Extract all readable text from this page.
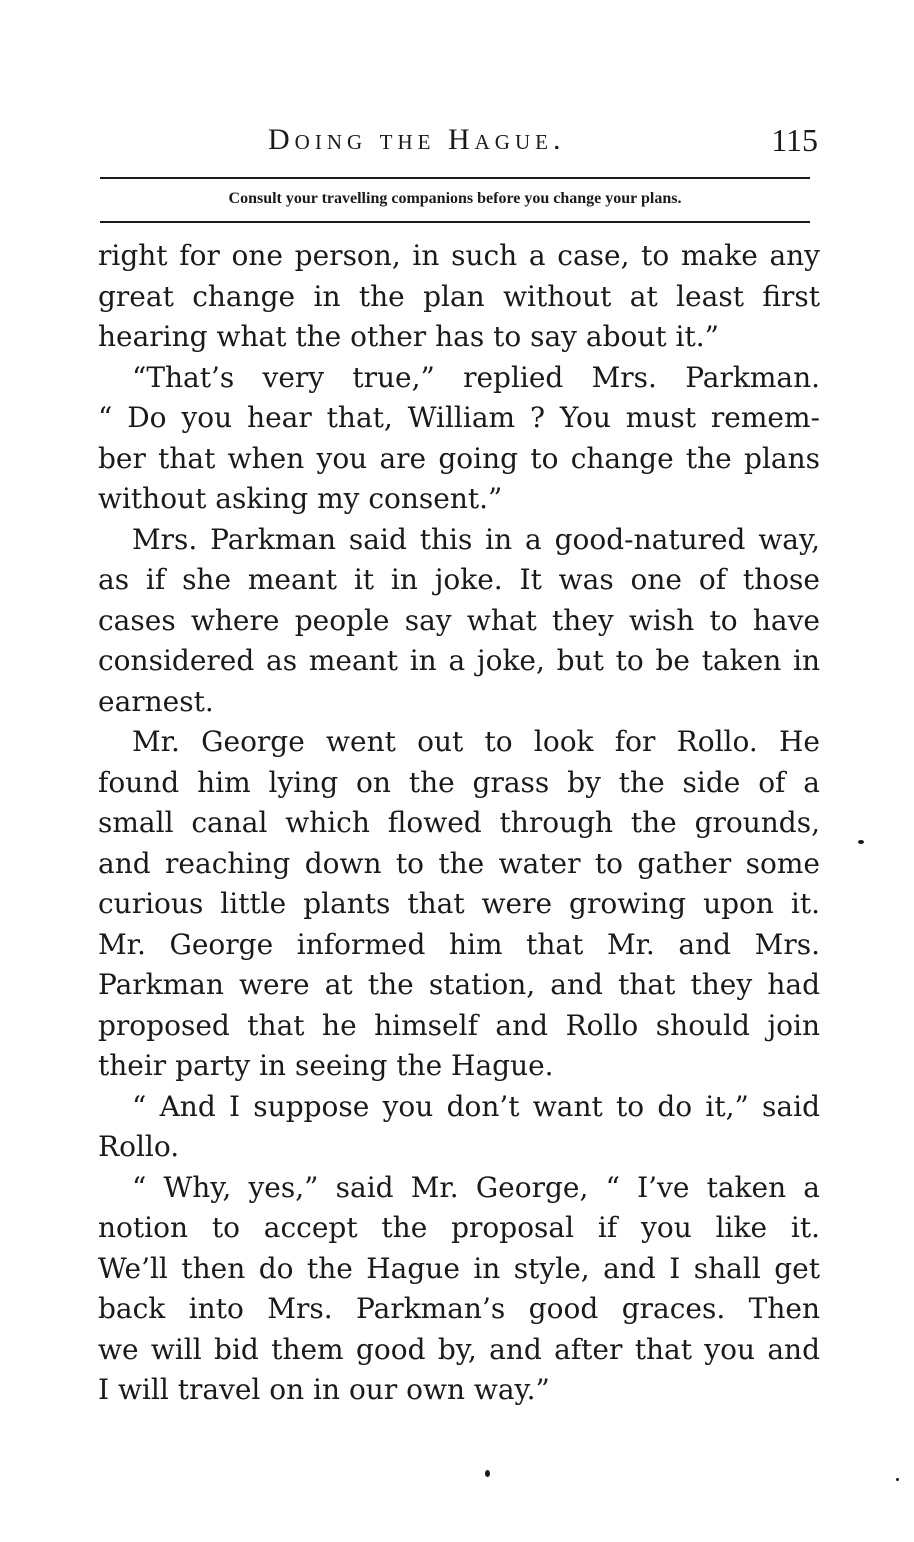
Doing the Hague.	115
Consult your travelling companions before you change your plans.
right for one person, in such a case, to make any
great change in the plan without at least first
hearing what the other has to say about it.”
“That’s very true,” replied Mrs. Parkman.
“ Do you hear that, William ? You must remem-
ber that when you are going to change the plans
without asking my consent.”
Mrs. Parkman said this in a good-natured way,
as if she meant it in joke. It was one of those
cases where people say what they wish to have
considered as meant in a joke, but to be taken in
earnest.
Mr. George went out to look for Rollo. He
found him lying on the grass by the side of a
small canal which flowed through the grounds,
and reaching down to the water to gather some
curious little plants that were growing upon it.
Mr. George informed him that Mr. and Mrs.
Parkman were at the station, and that they had
proposed that he himself and Rollo should join
their party in seeing the Hague.
“ And I suppose you don’t want to do it,” said
Rollo.
“ Why, yes,” said Mr. George, “ I’ve taken a
notion to accept the proposal if you like it.
We’ll then do the Hague in style, and I shall get
back into Mrs. Parkman’s good graces. Then
we will bid them good by, and after that you and
I will travel on in our own way.”
